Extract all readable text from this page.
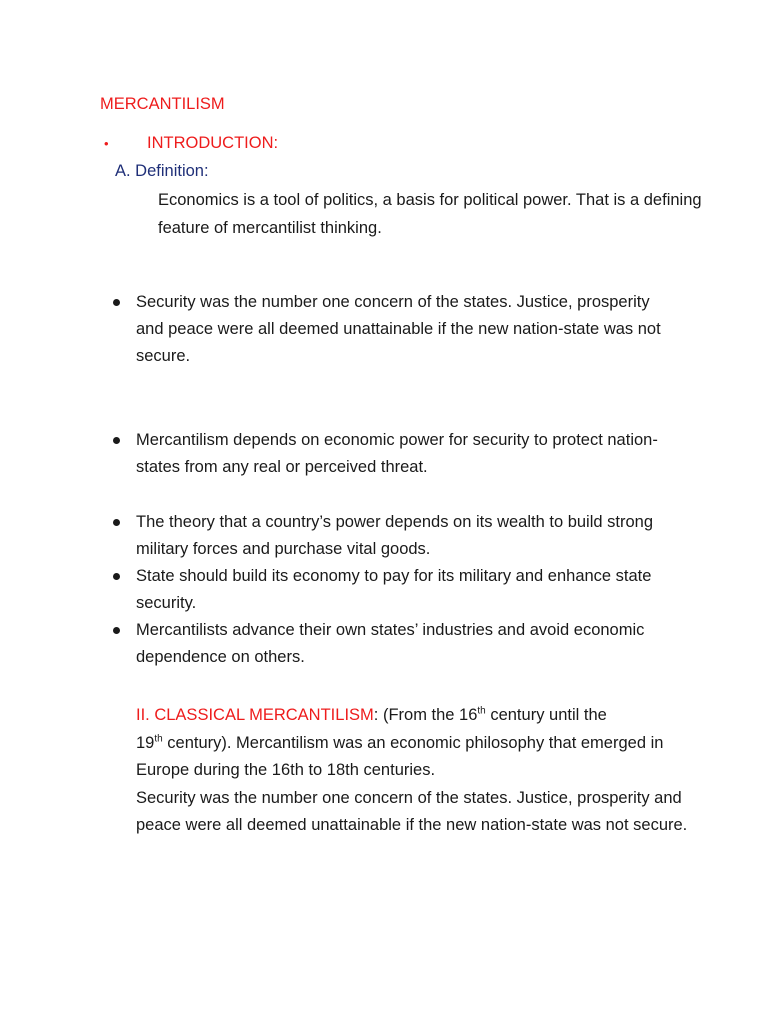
MERCANTILISM
• INTRODUCTION:
A. Definition:
Economics is a tool of politics, a basis for political power. That is a defining feature of mercantilist thinking.
Security was the number one concern of the states. Justice, prosperity and peace were all deemed unattainable if the new nation-state was not secure.
Mercantilism depends on economic power for security to protect nation-states from any real or perceived threat.
The theory that a country’s power depends on its wealth to build strong military forces and purchase vital goods.
State should build its economy to pay for its military and enhance state security.
Mercantilists advance their own states’ industries and avoid economic dependence on others.
II. CLASSICAL MERCANTILISM: (From the 16th century until the
19th century). Mercantilism was an economic philosophy that emerged in Europe during the 16th to 18th centuries.
Security was the number one concern of the states. Justice, prosperity and peace were all deemed unattainable if the new nation-state was not secure.
